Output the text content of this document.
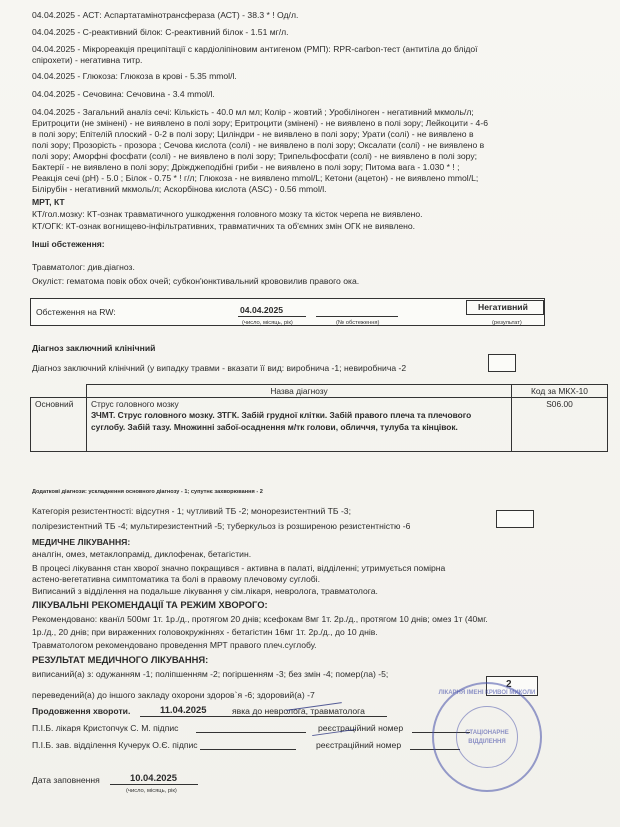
04.04.2025 - АСТ: Аспартатамінотрансфераза (АСТ) - 38.3 * ! Од/л.
04.04.2025 - С-реактивний білок: С-реактивний білок - 1.51 мг/л.
04.04.2025 - Мікрореакція преципітації с кардіоліпіновим антигеном (РМП): RPR-carbon-тест (антитіла до блідої
спірохети) - негативна титр.
04.04.2025 - Глюкоза: Глюкоза в крові - 5.35 mmol/l.
04.04.2025 - Сечовина: Сечовина - 3.4 mmol/l.
04.04.2025 - Загальний аналіз сечі: Кількість - 40.0 мл мл; Колір - жовтий ; Уробіліноген - негативний мкмоль/л;
Еритроцити (не змінені) - не виявлено в полі зору; Еритроцити (змінені) - не виявлено в полі зору; Лейкоцити - 4-6
в полі зору; Епітелій плоский - 0-2 в полі зору; Циліндри - не виявлено в полі зору; Урати (солі) - не виявлено в
полі зору; Прозорість - прозора ; Сечова кислота (солі) - не виявлено в полі зору; Оксалати (солі) - не виявлено в
полі зору; Аморфні фосфати (солі) - не виявлено в полі зору; Трипельфосфати (солі) - не виявлено в полі зору;
Бактерії - не виявлено в полі зору; Дріжджеподібні гриби - не виявлено в полі зору; Питома вага - 1.030 * ! ;
Реакція сечі (рН) - 5.0 ; Білок - 0.75 * ! г/л; Глюкоза - не виявлено mmol/L; Кетони (ацетон) - не виявлено mmol/L;
Білірубін - негативний мкмоль/л; Аскорбінова кислота (ASC) - 0.56 mmol/l.
МРТ, КТ
КТ/гол.мозку: КТ-ознак травматичного ушкодження головного мозку та кісток черепа не виявлено.
КТ/ОГК: КТ-ознак вогнищево-інфільтративних, травматичних та об'ємних змін ОГК не виявлено.
Інші обстеження:
Травматолог: див.діагноз.
Окуліст: гематома повік обох очей; субкон'юнктивальний крововилив правого ока.
Обстеження на RW:	04.04.2025
(число, місяць, рік)	(№ обстеження)
Негативний
(результат)
Діагноз заключний клінічний
Діагноз заключний клінічний (у випадку травми - вказати її вид: виробнича -1; невиробнича -2
	Назва діагнозу	Код за МКХ-10
Основний	Струс головного мозку
ЗЧМТ. Струс головного мозку. ЗТГК. Забій грудної клітки. Забій правого плеча та плечового суглобу. Забій тазу. Множинні забої-осаднення м/тк голови, обличчя, тулуба та кінцівок.	S06.00
Додаткові діагнози: ускладнення основного діагнозу - 1; супутнє захворювання - 2
Категорія резистентності: відсутня - 1; чутливий ТБ -2; монорезистентний ТБ -3;
полірезистентний ТБ -4; мультирезистентний -5; туберкульоз із розширеною резистентністю -6
МЕДИЧНЕ ЛІКУВАННЯ:
аналгін, омез, метаклопрамід, диклофенак, бетагістин.
В процесі лікування стан хворої значно покращився - активна в палаті, відділенні; утримується помірна
астено-вегетативна симптоматика та болі в правому плечовому суглобі.
Виписаний з відділення на подальше лікування у сім.лікаря, невролога, травматолога.
ЛІКУВАЛЬНІ РЕКОМЕНДАЦІЇ ТА РЕЖИМ ХВОРОГО:
Рекомендовано: кванїл 500мг 1т. 1р./д., протягом 20 днів; ксефокам 8мг 1т. 2р./д., протягом 10 днів; омез 1т (40мг.
1р./д., 20 днів; при вираженних головокружіннях - бетагістин 16мг 1т. 2р./д., до 10 днів.
Травматологом рекомендовано проведення МРТ правого плеч.суглобу.
РЕЗУЛЬТАТ МЕДИЧНОГО ЛІКУВАННЯ:
виписаний(а) з: одужанням -1; поліпшенням -2; погіршенням -3; без змін -4; помер(ла) -5;
переведений(а) до іншого закладу охорони здоров`я -6; здоровий(а) -7
2
Продовження хвороти.	11.04.2025	явка до невролога, травматолога
П.І.Б. лікаря Кристопчук С. М. підпис	реєстраційний номер
П.І.Б. зав. відділення Кучерук О.Є. підпис	реєстраційний номер
Дата заповнення	10.04.2025
(число, місяць, рік)
ЛІКАРНЯ ІМЕНІ КРИВОЇ МИКОЛИ
СТАЦІОНАРНЕ
ВІДДІЛЕННЯ
